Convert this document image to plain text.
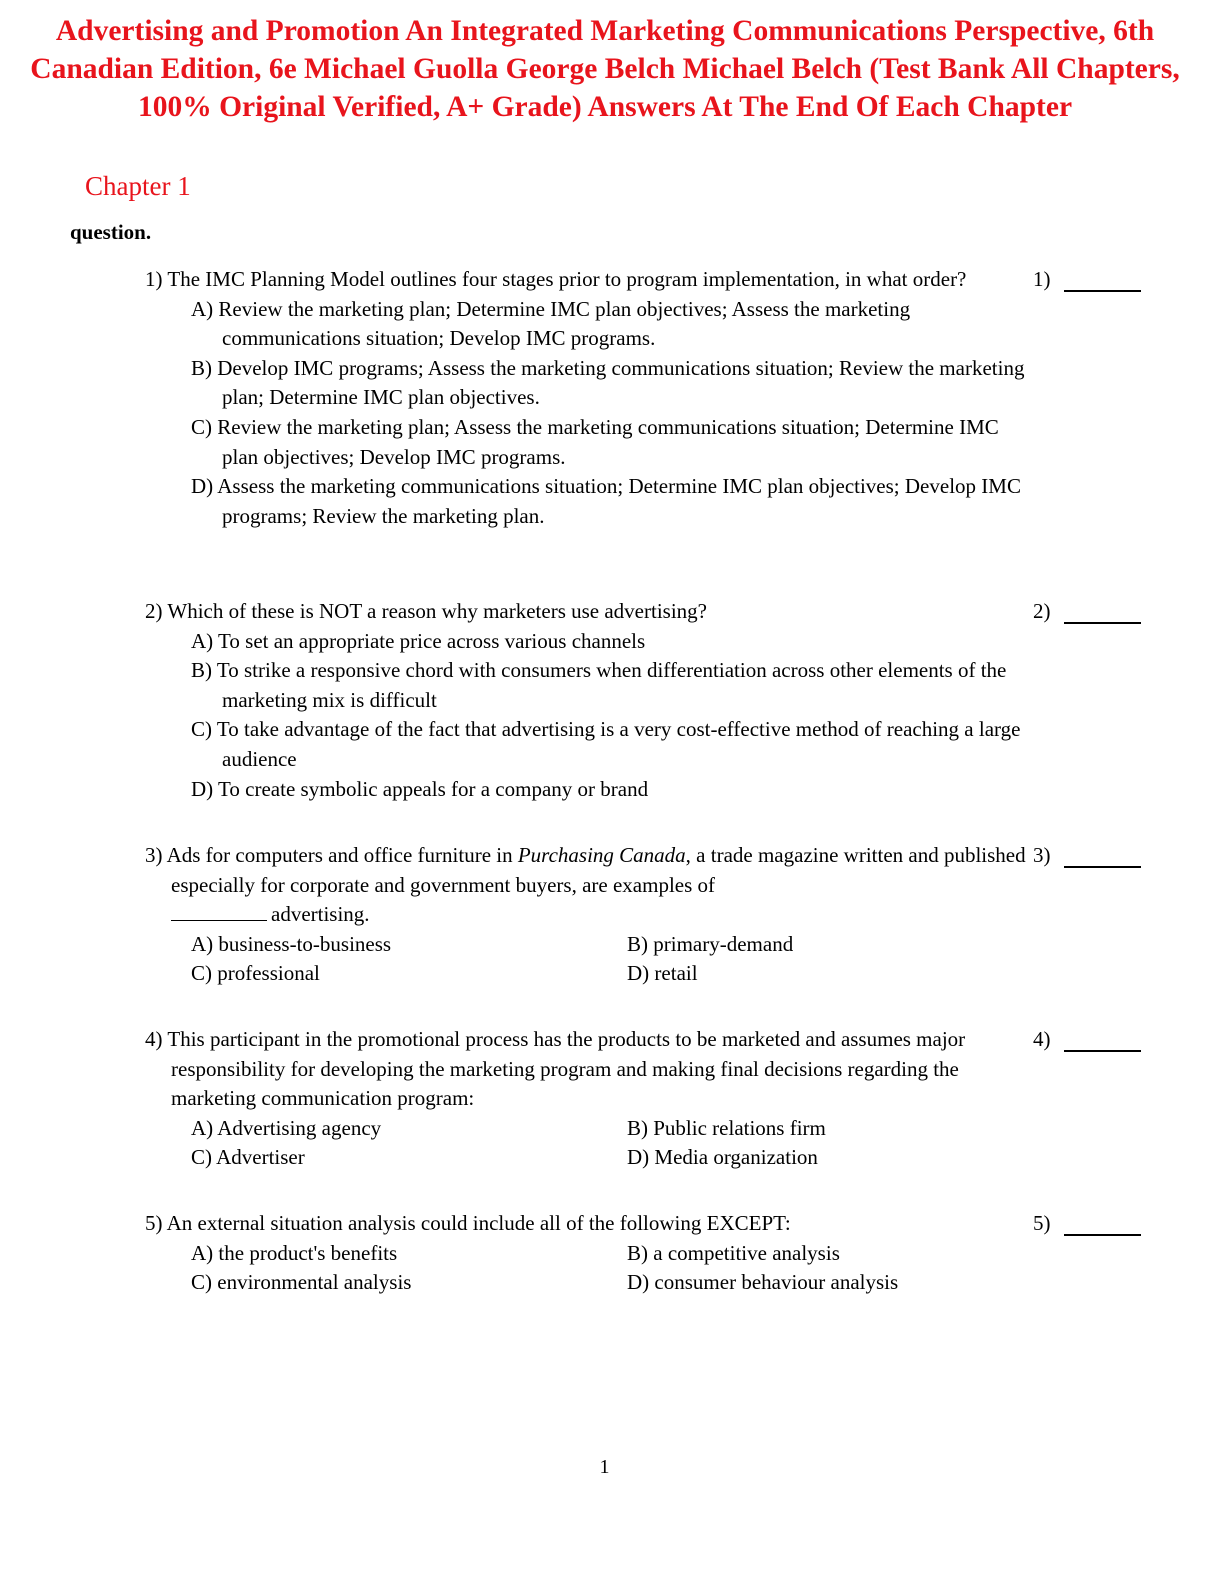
Advertising and Promotion An Integrated Marketing Communications Perspective, 6th Canadian Edition, 6e Michael Guolla George Belch Michael Belch (Test Bank All Chapters, 100% Original Verified, A+ Grade) Answers At The End Of Each Chapter
Chapter 1
question.
1) The IMC Planning Model outlines four stages prior to program implementation, in what order?
A) Review the marketing plan; Determine IMC plan objectives; Assess the marketing communications situation; Develop IMC programs.
B) Develop IMC programs; Assess the marketing communications situation; Review the marketing plan; Determine IMC plan objectives.
C) Review the marketing plan; Assess the marketing communications situation; Determine IMC plan objectives; Develop IMC programs.
D) Assess the marketing communications situation; Determine IMC plan objectives; Develop IMC programs; Review the marketing plan.
1)
2) Which of these is NOT a reason why marketers use advertising?
A) To set an appropriate price across various channels
B) To strike a responsive chord with consumers when differentiation across other elements of the marketing mix is difficult
C) To take advantage of the fact that advertising is a very cost-effective method of reaching a large audience
D) To create symbolic appeals for a company or brand
2)
3) Ads for computers and office furniture in Purchasing Canada, a trade magazine written and published especially for corporate and government buyers, are examples of
advertising.
A) business-to-business	B) primary-demand
C) professional	D) retail
3)
4) This participant in the promotional process has the products to be marketed and assumes major responsibility for developing the marketing program and making final decisions regarding the marketing communication program:
A) Advertising agency	B) Public relations firm
C) Advertiser	D) Media organization
4)
5) An external situation analysis could include all of the following EXCEPT:
A) the product's benefits	B) a competitive analysis
C) environmental analysis	D) consumer behaviour analysis
5)
1
